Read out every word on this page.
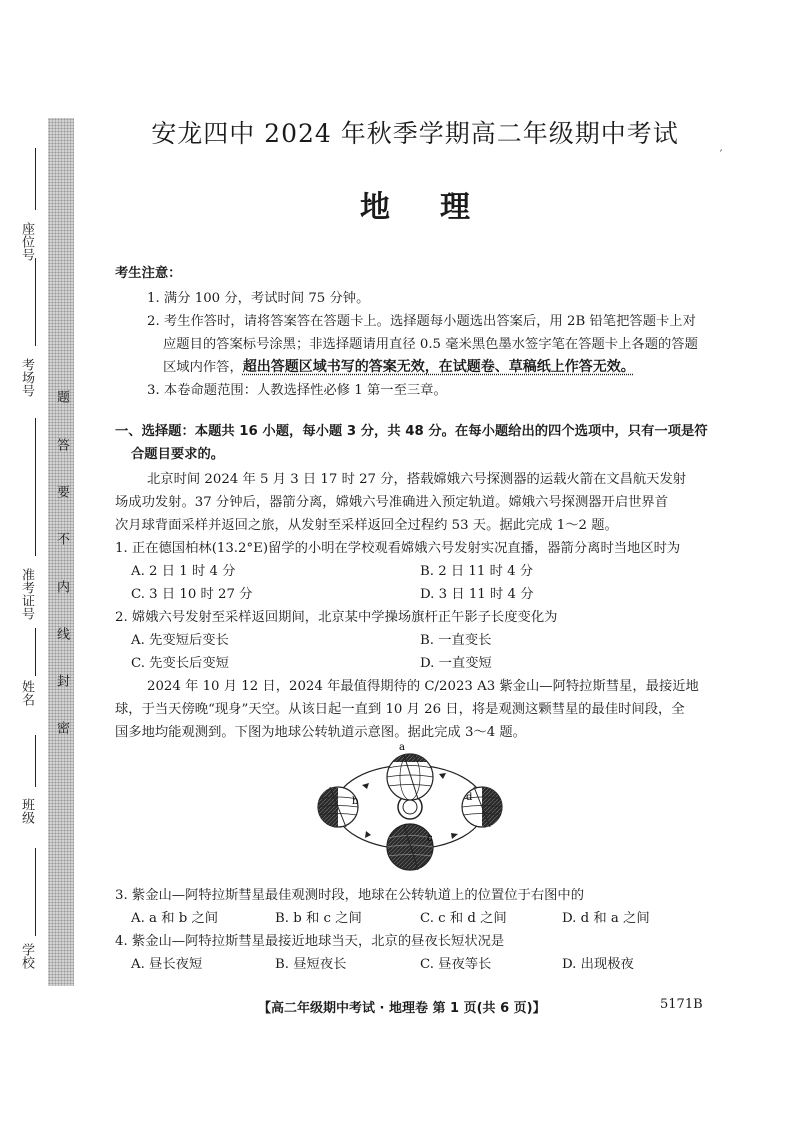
题
答
要
不
内
线
封
密
座位号
考场号
准考证号
姓名
班级
学校
安龙四中 2024 年秋季学期高二年级期中考试
地理
ˊ
考生注意：
1. 满分 100 分，考试时间 75 分钟。
2. 考生作答时，请将答案答在答题卡上。选择题每小题选出答案后，用 2B 铅笔把答题卡上对
应题目的答案标号涂黑；非选择题请用直径 0.5 毫米黑色墨水签字笔在答题卡上各题的答题
区域内作答，超出答题区域书写的答案无效，在试题卷、草稿纸上作答无效。
3. 本卷命题范围：人教选择性必修 1 第一至三章。
一、选择题：本题共 16 小题，每小题 3 分，共 48 分。在每小题给出的四个选项中，只有一项是符
合题目要求的。
北京时间 2024 年 5 月 3 日 17 时 27 分，搭载嫦娥六号探测器的运载火箭在文昌航天发射
场成功发射。37 分钟后，器箭分离，嫦娥六号准确进入预定轨道。嫦娥六号探测器开启世界首
次月球背面采样并返回之旅，从发射至采样返回全过程约 53 天。据此完成 1～2 题。
1. 正在德国柏林(13.2°E)留学的小明在学校观看嫦娥六号发射实况直播，器箭分离时当地区时为
A. 2 日 1 时 4 分	B. 2 日 11 时 4 分
C. 3 日 10 时 27 分	D. 3 日 11 时 4 分
2. 嫦娥六号发射至采样返回期间，北京某中学操场旗杆正午影子长度变化为
A. 先变短后变长	B. 一直变长
C. 先变长后变短	D. 一直变短
2024 年 10 月 12 日，2024 年最值得期待的 C/2023 A3 紫金山—阿特拉斯彗星，最接近地
球，于当天傍晚“现身”天空。从该日起一直到 10 月 26 日，将是观测这颗彗星的最佳时间段，全
国多地均能观测到。下图为地球公转轨道示意图。据此完成 3～4 题。
3. 紫金山—阿特拉斯彗星最佳观测时段，地球在公转轨道上的位置位于右图中的
A. a 和 b 之间	B. b 和 c 之间	C. c 和 d 之间	D. d 和 a 之间
4. 紫金山—阿特拉斯彗星最接近地球当天，北京的昼夜长短状况是
A. 昼长夜短	B. 昼短夜长	C. 昼夜等长	D. 出现极夜
a
b
c
d
【高二年级期中考试 · 地理卷 第 1 页(共 6 页)】	5171B
